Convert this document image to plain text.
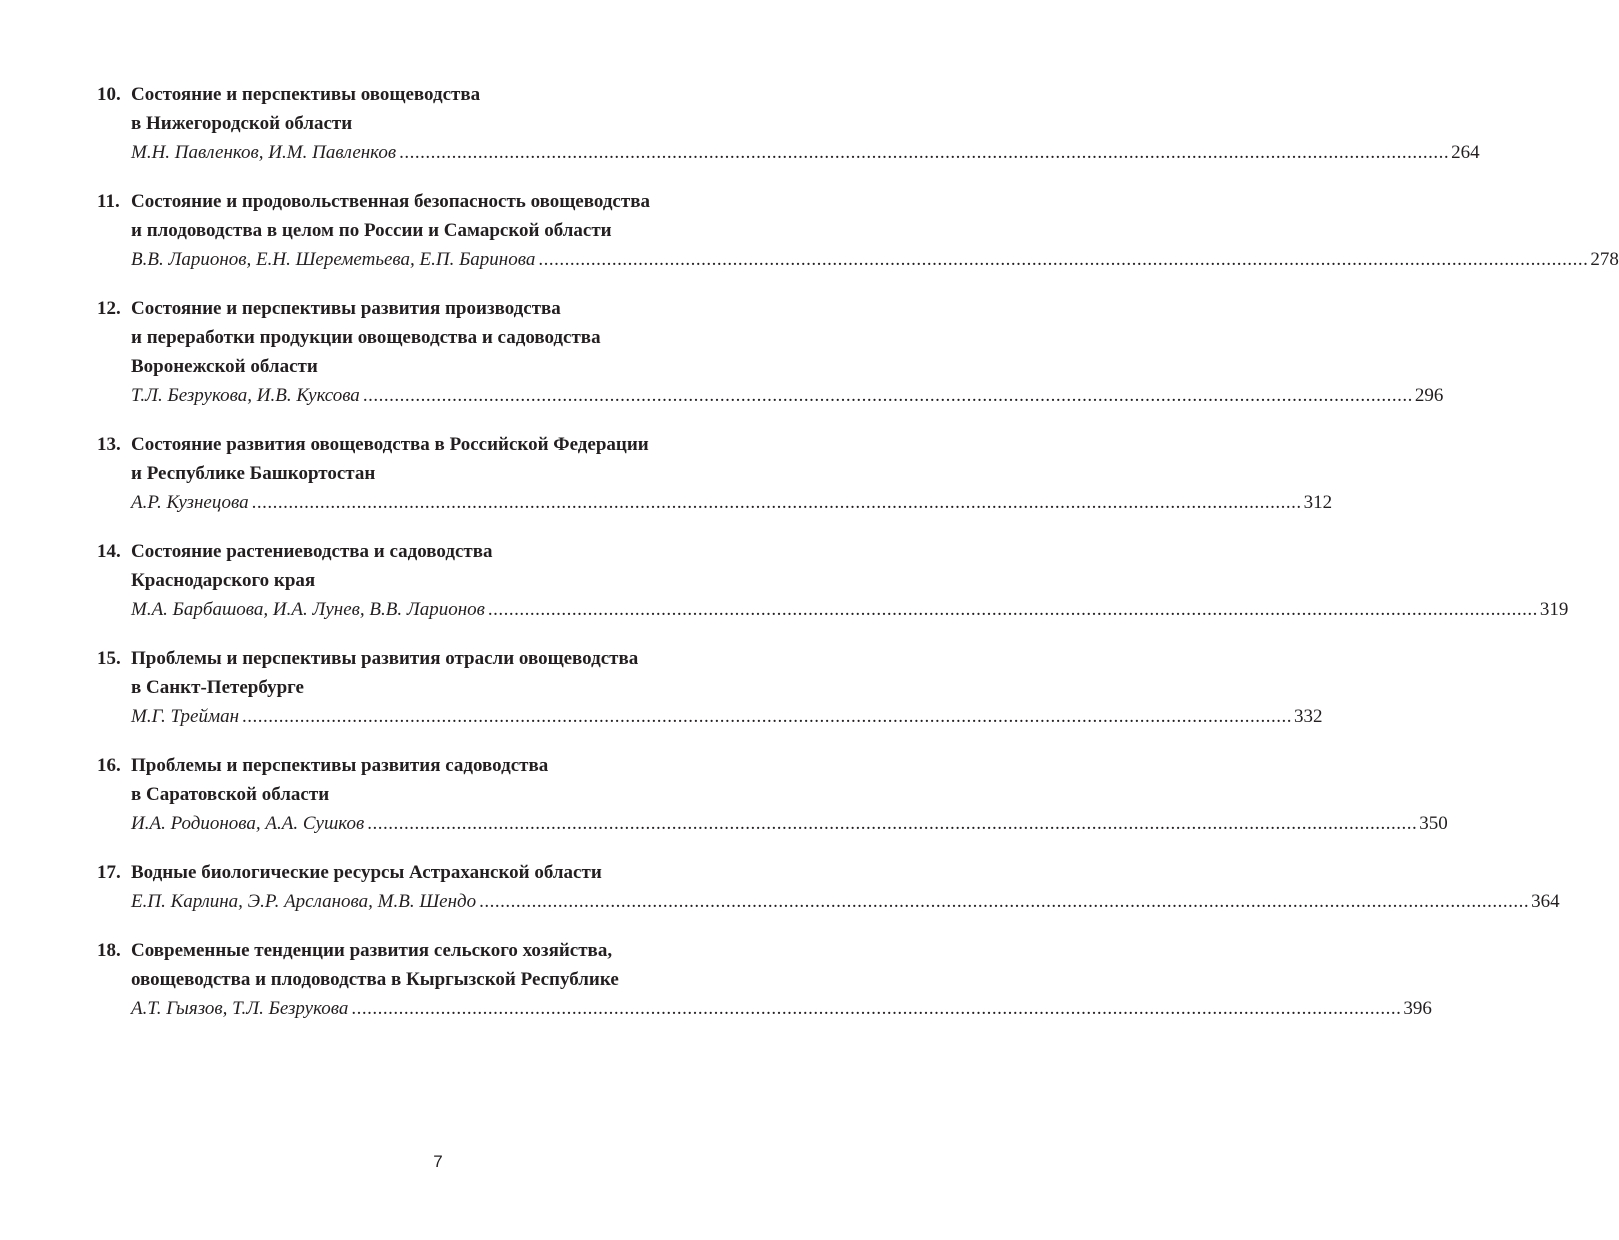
10. Состояние и перспективы овощеводства
в Нижегородской области
М.Н. Павленков, И.М. Павленков ........................................................................................................................................................................................................ 264
11. Состояние и продовольственная безопасность овощеводства
и плодоводства в целом по России и Самарской области
В.В. Ларионов, Е.Н. Шереметьева, Е.П. Баринова ........................................................................................................................................................................................................ 278
12. Состояние и перспективы развития производства
и переработки продукции овощеводства и садоводства
Воронежской области
Т.Л. Безрукова, И.В. Куксова ........................................................................................................................................................................................................ 296
13. Состояние развития овощеводства в Российской Федерации
и Республике Башкортостан
А.Р. Кузнецова ........................................................................................................................................................................................................ 312
14. Состояние растениеводства и садоводства
Краснодарского края
М.А. Барбашова, И.А. Лунев, В.В. Ларионов ........................................................................................................................................................................................................ 319
15. Проблемы и перспективы развития отрасли овощеводства
в Санкт-Петербурге
М.Г. Трейман ........................................................................................................................................................................................................ 332
16. Проблемы и перспективы развития садоводства
в Саратовской области
И.А. Родионова, А.А. Сушков ........................................................................................................................................................................................................ 350
17. Водные биологические ресурсы Астраханской области
Е.П. Карлина, Э.Р. Арсланова, М.В. Шендо ........................................................................................................................................................................................................ 364
18. Современные тенденции развития сельского хозяйства,
овощеводства и плодоводства в Кыргызской Республике
А.Т. Гыязов, Т.Л. Безрукова ........................................................................................................................................................................................................ 396
7
